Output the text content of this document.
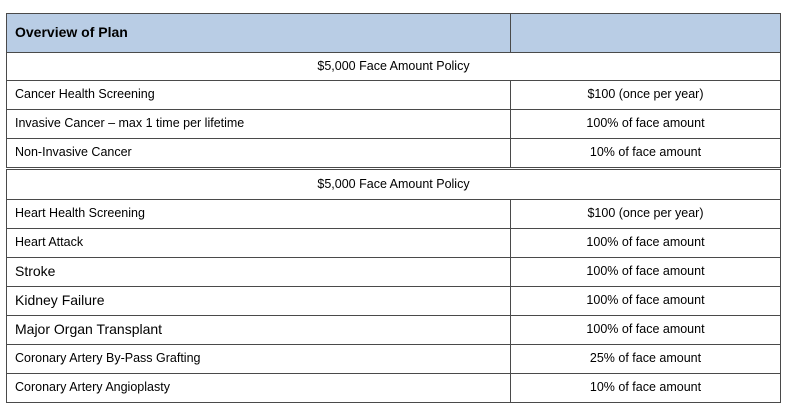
Overview of Plan	
$5,000 Face Amount Policy	
Cancer Health Screening	$100 (once per year)
Invasive Cancer – max 1 time per lifetime	100% of face amount
Non-Invasive Cancer	10% of face amount
$5,000 Face Amount Policy	
Heart Health Screening	$100 (once per year)
Heart Attack	100% of face amount
Stroke	100% of face amount
Kidney Failure	100% of face amount
Major Organ Transplant	100% of face amount
Coronary Artery By-Pass Grafting	25% of face amount
Coronary Artery Angioplasty	10% of face amount
